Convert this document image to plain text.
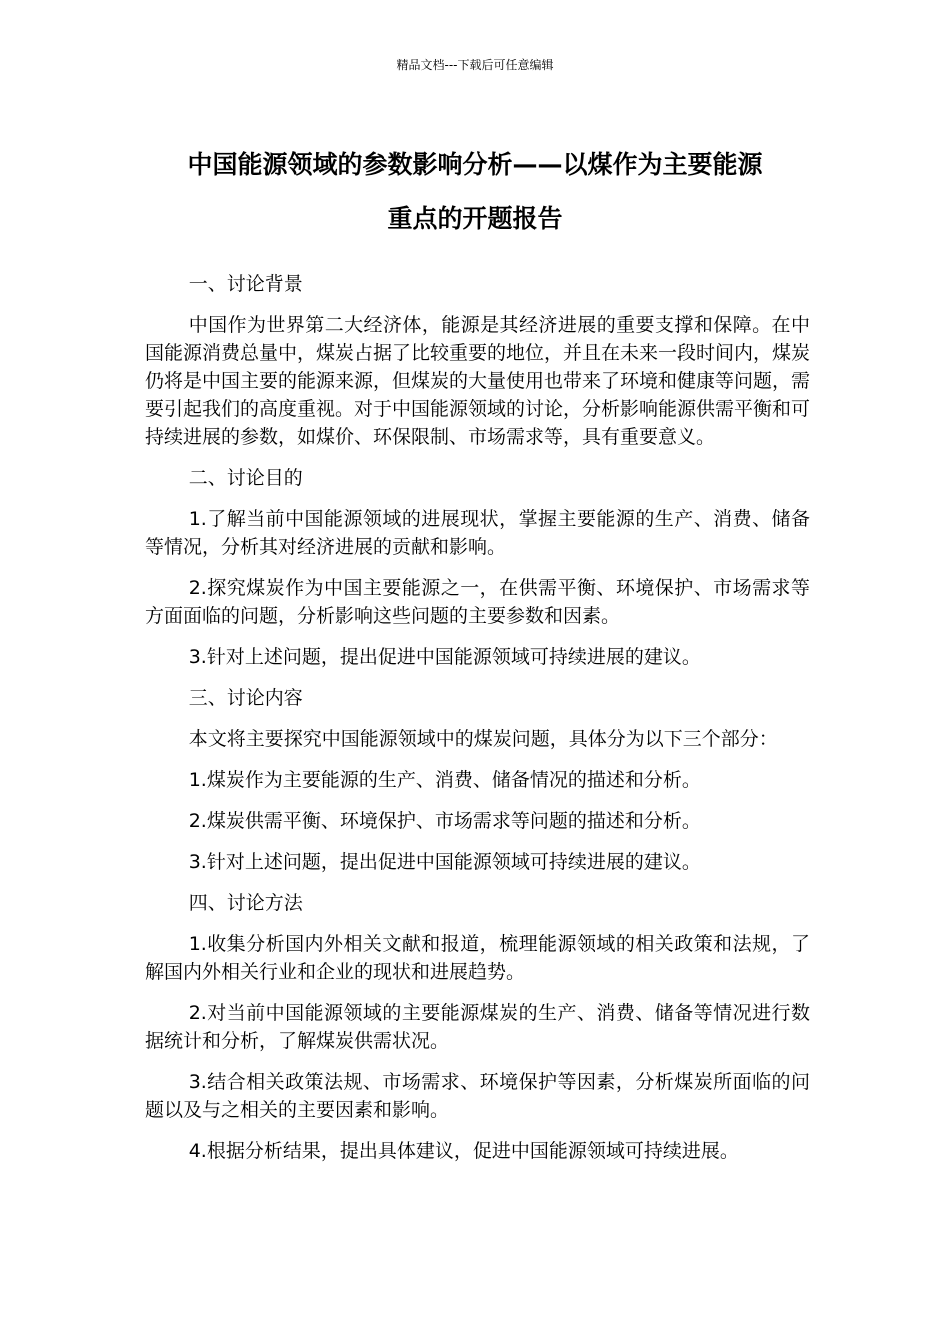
精品文档---下载后可任意编辑
中国能源领域的参数影响分析——以煤作为主要能源
重点的开题报告
一、讨论背景

中国作为世界第二大经济体，能源是其经济进展的重要支撑和保障。在中国能源消费总量中，煤炭占据了比较重要的地位，并且在未来一段时间内，煤炭仍将是中国主要的能源来源，但煤炭的大量使用也带来了环境和健康等问题，需要引起我们的高度重视。对于中国能源领域的讨论，分析影响能源供需平衡和可持续进展的参数，如煤价、环保限制、市场需求等，具有重要意义。

二、讨论目的

1.了解当前中国能源领域的进展现状，掌握主要能源的生产、消费、储备等情况，分析其对经济进展的贡献和影响。

2.探究煤炭作为中国主要能源之一，在供需平衡、环境保护、市场需求等方面面临的问题，分析影响这些问题的主要参数和因素。

3.针对上述问题，提出促进中国能源领域可持续进展的建议。

三、讨论内容

本文将主要探究中国能源领域中的煤炭问题，具体分为以下三个部分：

1.煤炭作为主要能源的生产、消费、储备情况的描述和分析。

2.煤炭供需平衡、环境保护、市场需求等问题的描述和分析。

3.针对上述问题，提出促进中国能源领域可持续进展的建议。

四、讨论方法

1.收集分析国内外相关文献和报道，梳理能源领域的相关政策和法规，了解国内外相关行业和企业的现状和进展趋势。

2.对当前中国能源领域的主要能源煤炭的生产、消费、储备等情况进行数据统计和分析，了解煤炭供需状况。

3.结合相关政策法规、市场需求、环境保护等因素，分析煤炭所面临的问题以及与之相关的主要因素和影响。

4.根据分析结果，提出具体建议，促进中国能源领域可持续进展。
